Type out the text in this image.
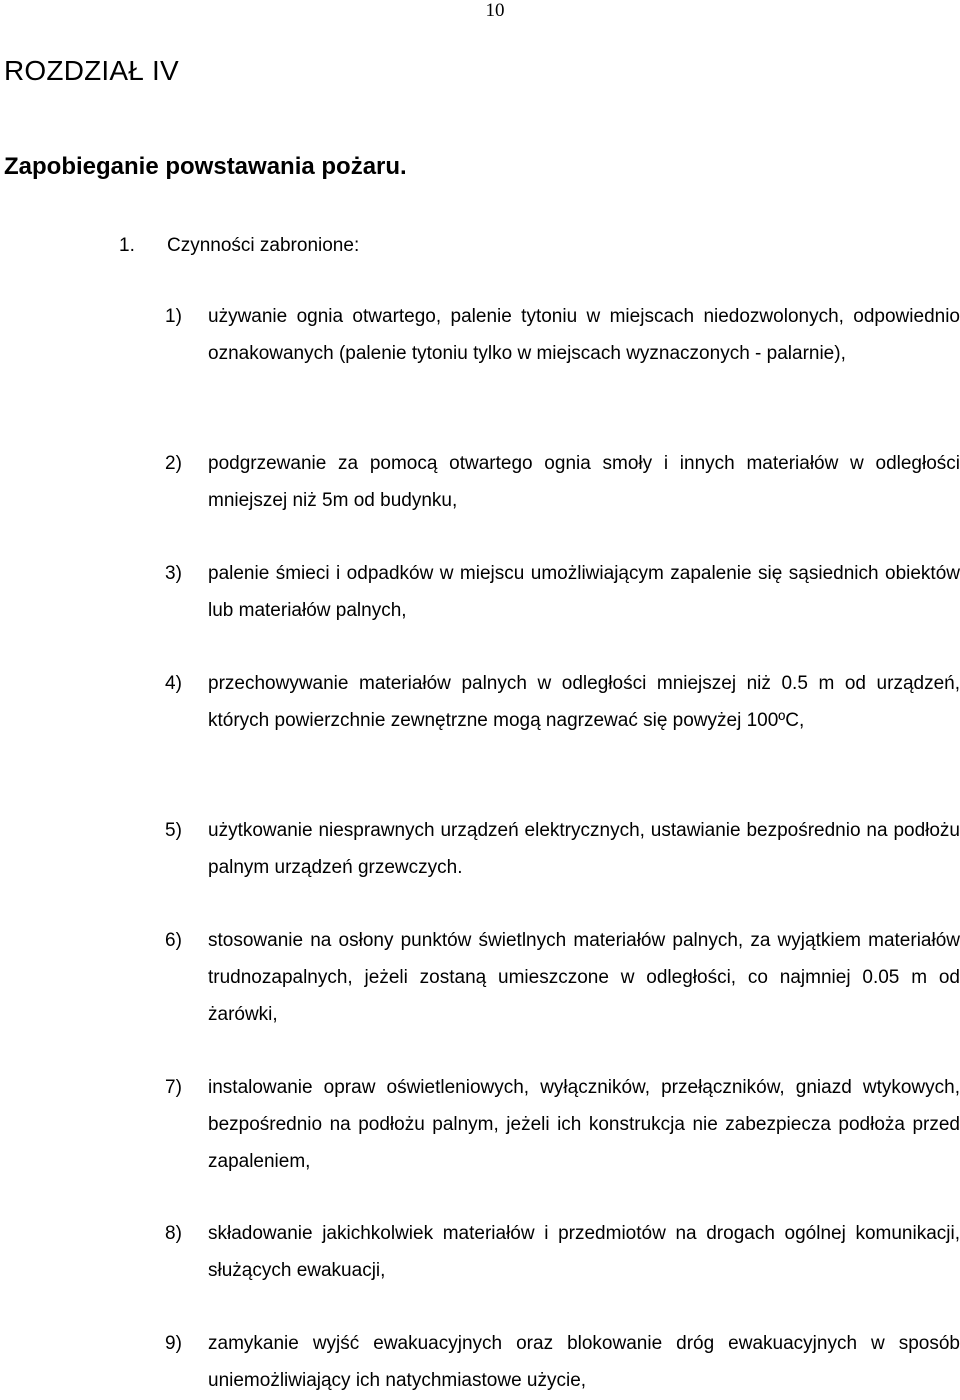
10
ROZDZIAŁ IV
Zapobieganie powstawania pożaru.
1. Czynności zabronione:
1) używanie ognia otwartego, palenie tytoniu w miejscach niedozwolonych, odpowiednio oznakowanych (palenie tytoniu tylko w miejscach wyznaczonych - palarnie),
2) podgrzewanie za pomocą otwartego ognia smoły i innych materiałów w odległości mniejszej niż 5m od budynku,
3) palenie śmieci i odpadków w miejscu umożliwiającym zapalenie się sąsiednich obiektów lub materiałów palnych,
4) przechowywanie materiałów palnych w odległości mniejszej niż 0.5 m od urządzeń, których powierzchnie zewnętrzne mogą nagrzewać się powyżej 100ºC,
5) użytkowanie niesprawnych urządzeń elektrycznych, ustawianie bezpośrednio na podłożu palnym urządzeń grzewczych.
6) stosowanie na osłony punktów świetlnych materiałów palnych, za wyjątkiem materiałów trudnozapalnych, jeżeli zostaną umieszczone w odległości, co najmniej 0.05 m od żarówki,
7) instalowanie opraw oświetleniowych, wyłączników, przełączników, gniazd wtykowych, bezpośrednio na podłożu palnym, jeżeli ich konstrukcja nie zabezpiecza podłoża przed zapaleniem,
8) składowanie jakichkolwiek materiałów i przedmiotów na drogach ogólnej komunikacji, służących ewakuacji,
9) zamykanie wyjść ewakuacyjnych oraz blokowanie dróg ewakuacyjnych w sposób uniemożliwiający ich natychmiastowe użycie,
